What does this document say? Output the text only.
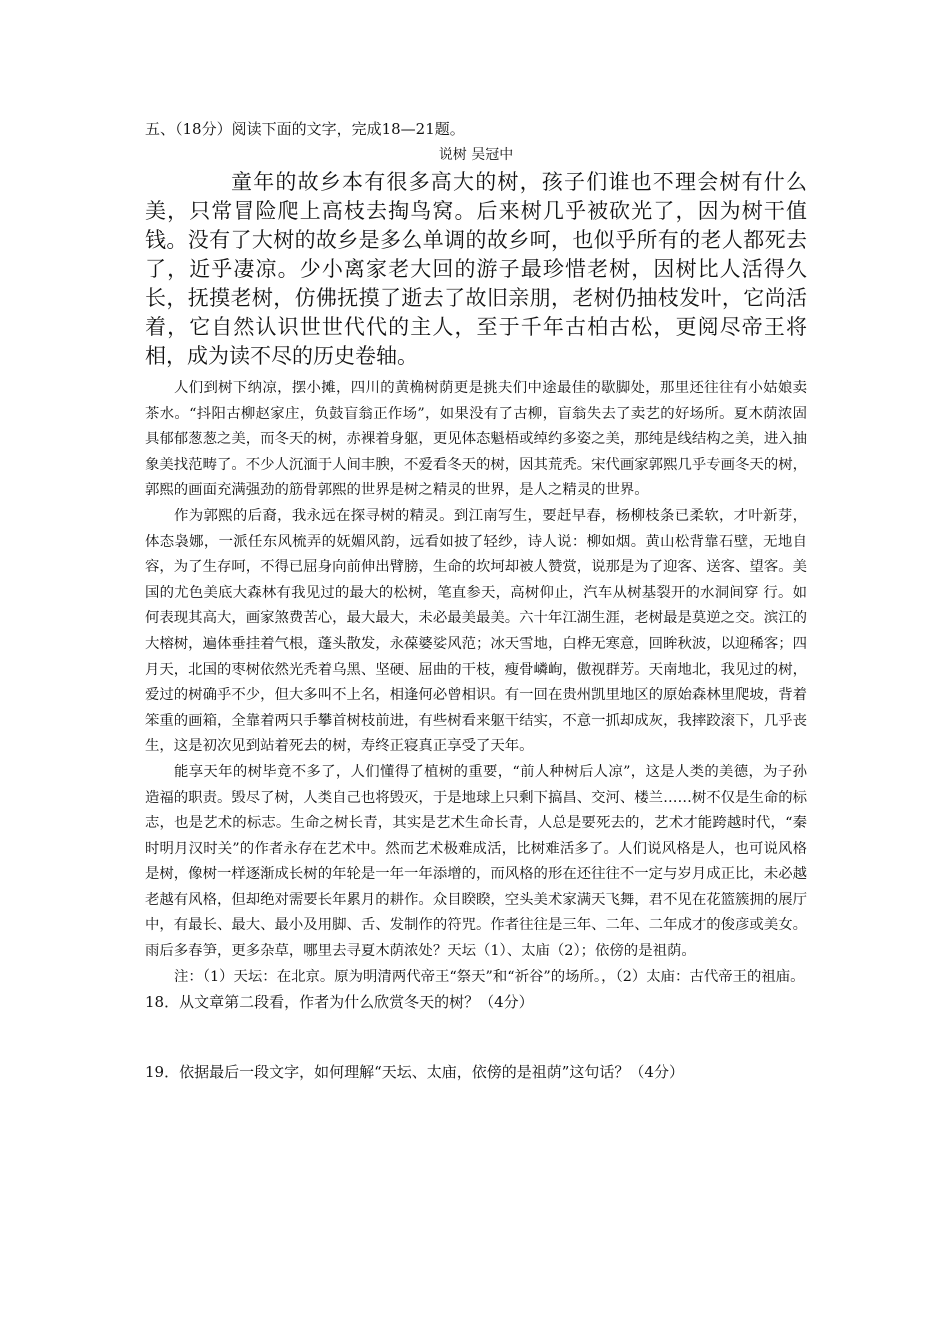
五、（18分）阅读下面的文字，完成18—21题。

说树 吴冠中

童年的故乡本有很多高大的树，孩子们谁也不理会树有什么美，只常冒险爬上高枝去掏鸟窝。后来树几乎被砍光了，因为树干值钱。没有了大树的故乡是多么单调的故乡呵，也似乎所有的老人都死去了，近乎凄凉。少小离家老大回的游子最珍惜老树，因树比人活得久长，抚摸老树，仿佛抚摸了逝去了故旧亲朋，老树仍抽枝发叶，它尚活着，它自然认识世世代代的主人，至于千年古柏古松，更阅尽帝王将相，成为读不尽的历史卷轴。

人们到树下纳凉，摆小摊，四川的黄桷树荫更是挑夫们中途最佳的歇脚处，那里还往往有小姑娘卖茶水。“抖阳古柳赵家庄，负鼓盲翁正作场”，如果没有了古柳，盲翁失去了卖艺的好场所。夏木荫浓固具郁郁葱葱之美，而冬天的树，赤裸着身躯，更见体态魁梧或绰约多姿之美，那纯是线结构之美，进入抽象美找范畴了。不少人沉湎于人间丰腴，不爱看冬天的树，因其荒秃。宋代画家郭熙几乎专画冬天的树，郭熙的画面充满强劲的筋骨郭熙的世界是树之精灵的世界，是人之精灵的世界。

作为郭熙的后裔，我永远在探寻树的精灵。到江南写生，要赶早春，杨柳枝条已柔软，才叶新芽，体态袅娜，一派任东风梳弄的妩媚风韵，远看如披了轻纱，诗人说：柳如烟。黄山松背靠石壁，无地自容，为了生存呵，不得已屈身向前伸出臂膀，生命的坎坷却被人赞赏，说那是为了迎客、送客、望客。美国的尤色美底大森林有我见过的最大的松树，笔直参天，高树仰止，汽车从树基裂开的水洞间穿 行。如何表现其高大，画家煞费苦心，最大最大，未必最美最美。六十年江湖生涯，老树最是莫逆之交。滨江的大榕树，遍体垂挂着气根，蓬头散发，永葆婆娑风范；冰天雪地，白桦无寒意，回眸秋波，以迎稀客；四月天，北国的枣树依然光秃着乌黑、坚硬、屈曲的干枝，瘦骨嶙峋，傲视群芳。天南地北，我见过的树，爱过的树确乎不少，但大多叫不上名，相逢何必曾相识。有一回在贵州凯里地区的原始森林里爬坡，背着笨重的画箱，全靠着两只手攀首树枝前进，有些树看来躯干结实，不意一抓却成灰，我摔跤滚下，几乎丧生，这是初次见到站着死去的树，寿终正寝真正享受了天年。

能享天年的树毕竟不多了，人们懂得了植树的重要，“前人种树后人凉”，这是人类的美德，为子孙造福的职责。毁尽了树，人类自己也将毁灭，于是地球上只剩下搞昌、交河、楼兰……树不仅是生命的标志，也是艺术的标志。生命之树长青，其实是艺术生命长青，人总是要死去的，艺术才能跨越时代，“秦时明月汉时关”的作者永存在艺术中。然而艺术极难成活，比树难活多了。人们说风格是人，也可说风格是树，像树一样逐渐成长树的年轮是一年一年添增的，而风格的形在还往往不一定与岁月成正比，未必越老越有风格，但却绝对需要长年累月的耕作。众目睽睽，空头美术家满天飞舞，君不见在花篮簇拥的展厅中，有最长、最大、最小及用脚、舌、发制作的符咒。作者往往是三年、二年、二年成才的俊彦或美女。雨后多春笋，更多杂草，哪里去寻夏木荫浓处？天坛（1）、太庙（2）；依傍的是祖荫。

注：（1）天坛：在北京。原为明清两代帝王“祭天”和“祈谷”的场所。，（2）太庙：古代帝王的祖庙。

18．从文章第二段看，作者为什么欣赏冬天的树？（4分）

19．依据最后一段文字，如何理解“天坛、太庙，依傍的是祖荫”这句话？（4分）
